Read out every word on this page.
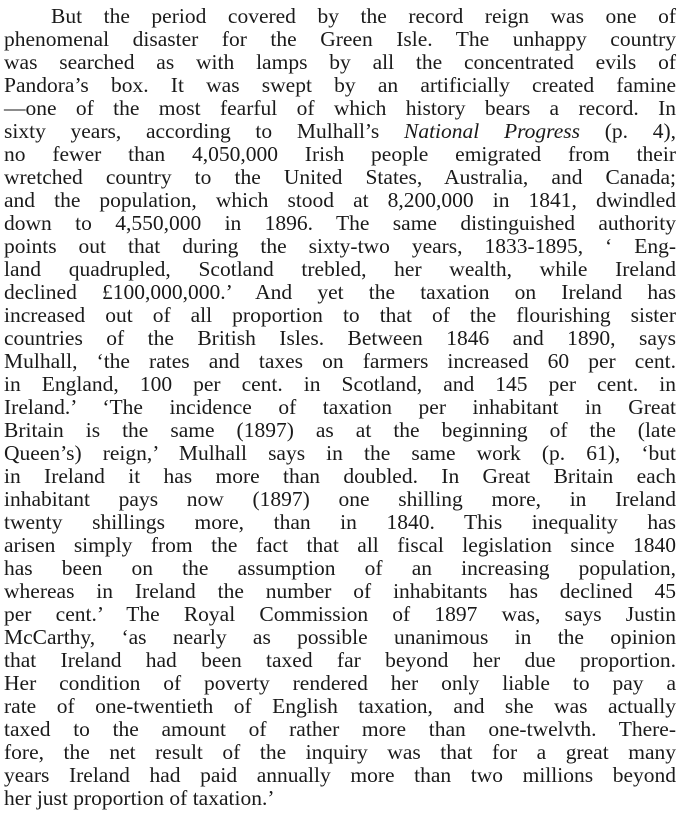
But the period covered by the record reign was one of
phenomenal disaster for the Green Isle. The unhappy country
was searched as with lamps by all the concentrated evils of
Pandora’s box. It was swept by an artificially created famine
—one of the most fearful of which history bears a record. In
sixty years, according to Mulhall’s National Progress (p. 4),
no fewer than 4,050,000 Irish people emigrated from their
wretched country to the United States, Australia, and Canada;
and the population, which stood at 8,200,000 in 1841, dwindled
down to 4,550,000 in 1896. The same distinguished authority
points out that during the sixty-two years, 1833-1895, ‘ Eng-
land quadrupled, Scotland trebled, her wealth, while Ireland
declined £100,000,000.’ And yet the taxation on Ireland has
increased out of all proportion to that of the flourishing sister
countries of the British Isles. Between 1846 and 1890, says
Mulhall, ‘the rates and taxes on farmers increased 60 per cent.
in England, 100 per cent. in Scotland, and 145 per cent. in
Ireland.’ ‘The incidence of taxation per inhabitant in Great
Britain is the same (1897) as at the beginning of the (late
Queen’s) reign,’ Mulhall says in the same work (p. 61), ‘but
in Ireland it has more than doubled. In Great Britain each
inhabitant pays now (1897) one shilling more, in Ireland
twenty shillings more, than in 1840. This inequality has
arisen simply from the fact that all fiscal legislation since 1840
has been on the assumption of an increasing population,
whereas in Ireland the number of inhabitants has declined 45
per cent.’ The Royal Commission of 1897 was, says Justin
McCarthy, ‘as nearly as possible unanimous in the opinion
that Ireland had been taxed far beyond her due proportion.
Her condition of poverty rendered her only liable to pay a
rate of one-twentieth of English taxation, and she was actually
taxed to the amount of rather more than one-twelvth. There-
fore, the net result of the inquiry was that for a great many
years Ireland had paid annually more than two millions beyond
her just proportion of taxation.’
